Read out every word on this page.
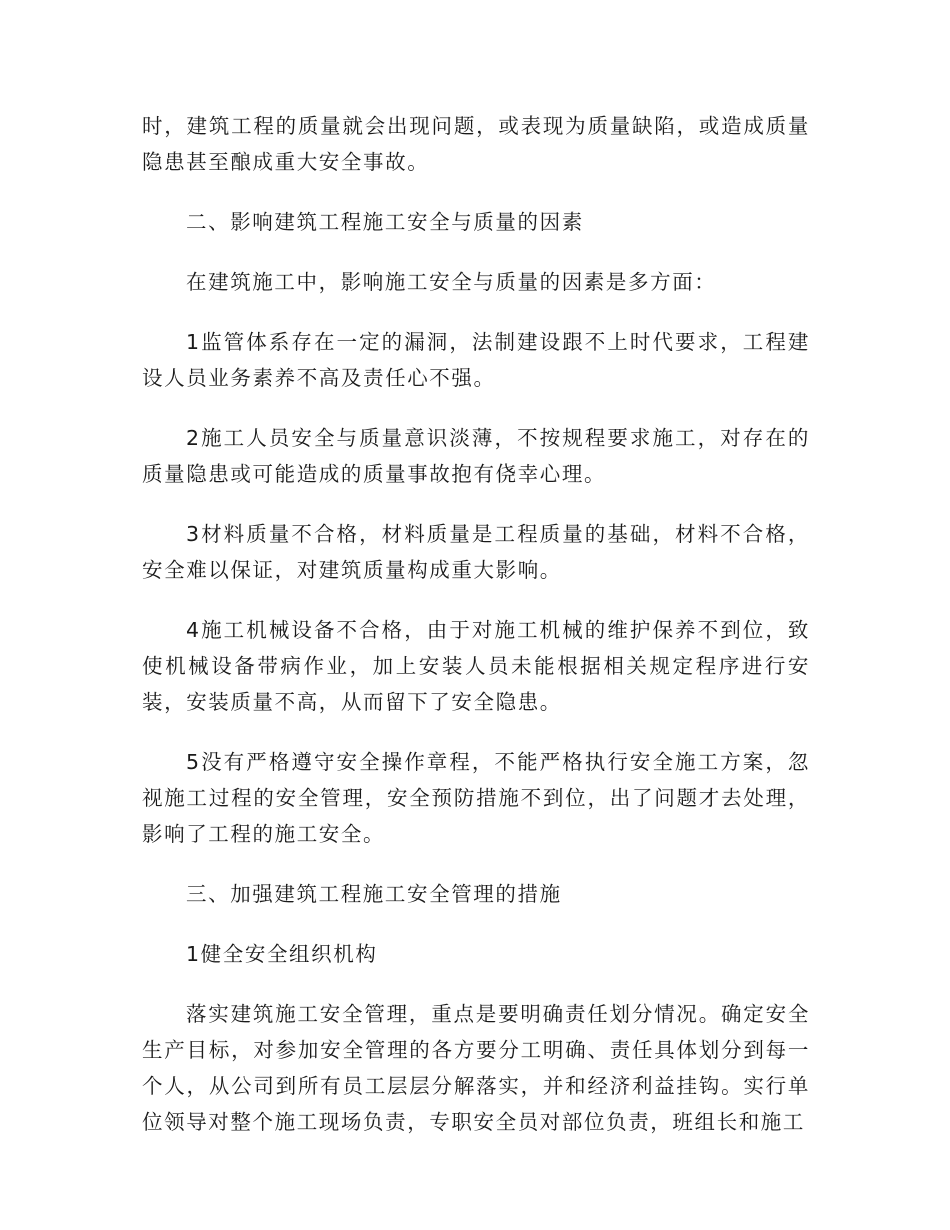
时，建筑工程的质量就会出现问题，或表现为质量缺陷，或造成质量隐患甚至酿成重大安全事故。

二、影响建筑工程施工安全与质量的因素

在建筑施工中，影响施工安全与质量的因素是多方面：

1监管体系存在一定的漏洞，法制建设跟不上时代要求，工程建设人员业务素养不高及责任心不强。

2施工人员安全与质量意识淡薄，不按规程要求施工，对存在的质量隐患或可能造成的质量事故抱有侥幸心理。

3材料质量不合格，材料质量是工程质量的基础，材料不合格，安全难以保证，对建筑质量构成重大影响。

4施工机械设备不合格，由于对施工机械的维护保养不到位，致使机械设备带病作业，加上安装人员未能根据相关规定程序进行安装，安装质量不高，从而留下了安全隐患。

5没有严格遵守安全操作章程，不能严格执行安全施工方案，忽视施工过程的安全管理，安全预防措施不到位，出了问题才去处理，影响了工程的施工安全。

三、加强建筑工程施工安全管理的措施

1健全安全组织机构

落实建筑施工安全管理，重点是要明确责任划分情况。确定安全生产目标，对参加安全管理的各方要分工明确、责任具体划分到每一个人，从公司到所有员工层层分解落实，并和经济利益挂钩。实行单位领导对整个施工现场负责，专职安全员对部位负责，班组长和施工
